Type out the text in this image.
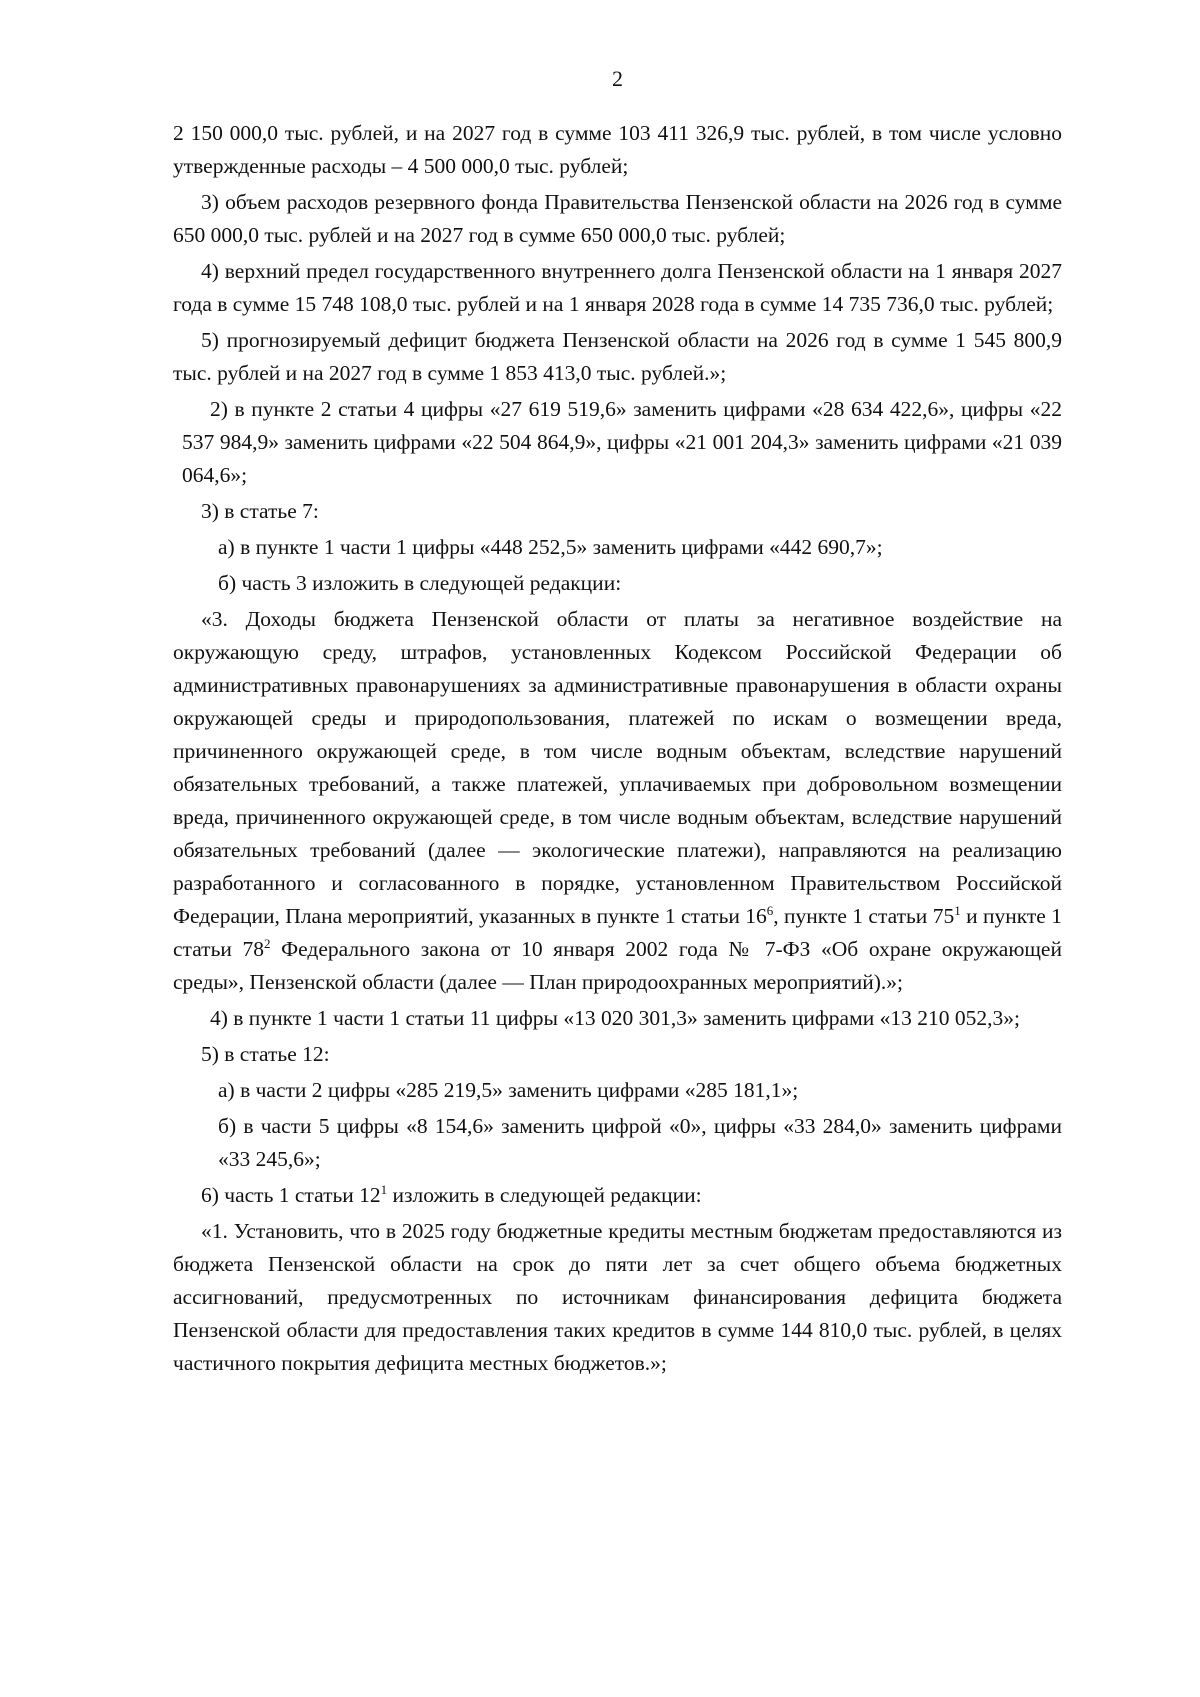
2

2 150 000,0 тыс. рублей, и на 2027 год в сумме 103 411 326,9 тыс. рублей, в том числе условно утвержденные расходы – 4 500 000,0 тыс. рублей;

3) объем расходов резервного фонда Правительства Пензенской области на 2026 год в сумме 650 000,0 тыс. рублей и на 2027 год в сумме 650 000,0 тыс. рублей;

4) верхний предел государственного внутреннего долга Пензенской области на 1 января 2027 года в сумме 15 748 108,0 тыс. рублей и на 1 января 2028 года в сумме 14 735 736,0 тыс. рублей;

5) прогнозируемый дефицит бюджета Пензенской области на 2026 год в сумме 1 545 800,9 тыс. рублей и на 2027 год в сумме 1 853 413,0 тыс. рублей.»;

2) в пункте 2 статьи 4 цифры «27 619 519,6» заменить цифрами «28 634 422,6», цифры «22 537 984,9» заменить цифрами «22 504 864,9», цифры «21 001 204,3» заменить цифрами «21 039 064,6»;

3) в статье 7:

а) в пункте 1 части 1 цифры «448 252,5» заменить цифрами «442 690,7»;

б) часть 3 изложить в следующей редакции:

«3. Доходы бюджета Пензенской области от платы за негативное воздействие на окружающую среду, штрафов, установленных Кодексом Российской Федерации об административных правонарушениях за административные правонарушения в области охраны окружающей среды и природопользования, платежей по искам о возмещении вреда, причиненного окружающей среде, в том числе водным объектам, вследствие нарушений обязательных требований, а также платежей, уплачиваемых при добровольном возмещении вреда, причиненного окружающей среде, в том числе водным объектам, вследствие нарушений обязательных требований (далее — экологические платежи), направляются на реализацию разработанного и согласованного в порядке, установленном Правительством Российской Федерации, Плана мероприятий, указанных в пункте 1 статьи $16^6$, пункте 1 статьи $75^1$ и пункте 1 статьи $78^2$ Федерального закона от 10 января 2002 года № 7-ФЗ «Об охране окружающей среды», Пензенской области (далее — План природоохранных мероприятий).»;

4) в пункте 1 части 1 статьи 11 цифры «13 020 301,3» заменить цифрами «13 210 052,3»;

5) в статье 12:

а) в части 2 цифры «285 219,5» заменить цифрами «285 181,1»;

б) в части 5 цифры «8 154,6» заменить цифрой «0», цифры «33 284,0» заменить цифрами «33 245,6»;

6) часть 1 статьи $12^1$ изложить в следующей редакции:

«1. Установить, что в 2025 году бюджетные кредиты местным бюджетам предоставляются из бюджета Пензенской области на срок до пяти лет за счет общего объема бюджетных ассигнований, предусмотренных по источникам финансирования дефицита бюджета Пензенской области для предоставления таких кредитов в сумме 144 810,0 тыс. рублей, в целях частичного покрытия дефицита местных бюджетов.»;
